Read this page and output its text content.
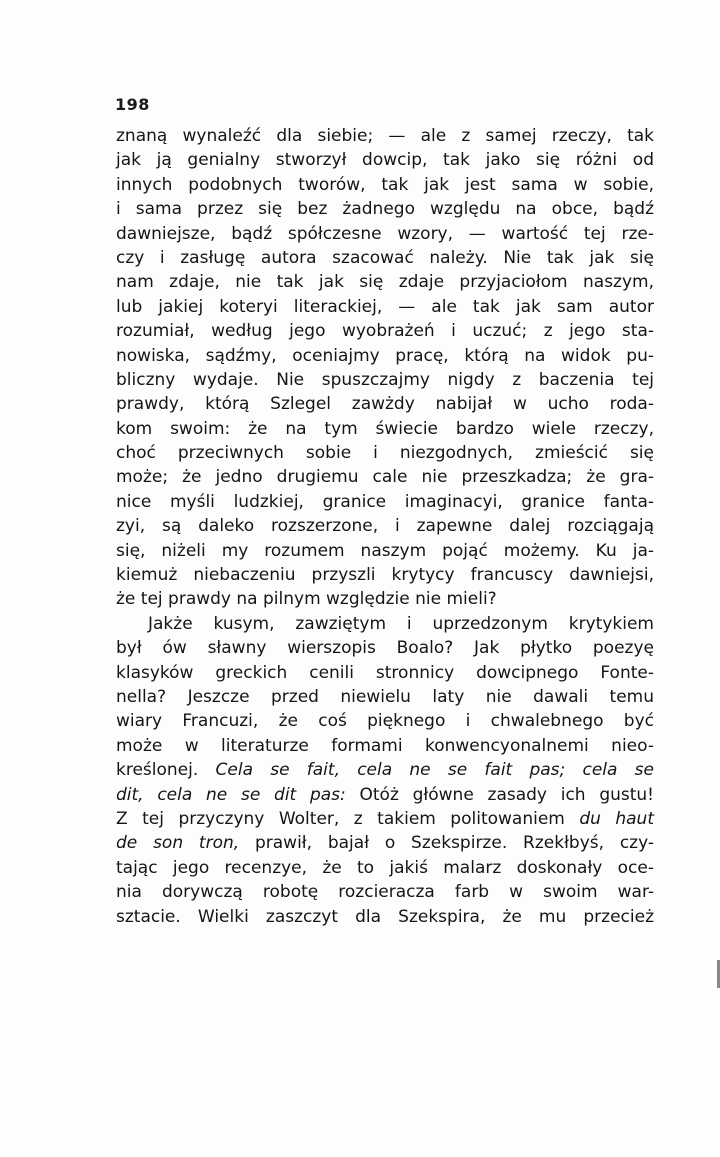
198
znaną wynaleźć dla siebie; — ale z samej rzeczy, tak
jak ją genialny stworzył dowcip, tak jako się różni od
innych podobnych tworów, tak jak jest sama w sobie,
i sama przez się bez żadnego względu na obce, bądź
dawniejsze, bądź spółczesne wzory, — wartość tej rze-
czy i zasługę autora szacować należy. Nie tak jak się
nam zdaje, nie tak jak się zdaje przyjaciołom naszym,
lub jakiej koteryi literackiej, — ale tak jak sam autor
rozumiał, według jego wyobrażeń i uczuć; z jego sta-
nowiska, sądźmy, oceniajmy pracę, którą na widok pu-
bliczny wydaje. Nie spuszczajmy nigdy z baczenia tej
prawdy, którą Szlegel zawżdy nabijał w ucho roda-
kom swoim: że na tym świecie bardzo wiele rzeczy,
choć przeciwnych sobie i niezgodnych, zmieścić się
może; że jedno drugiemu cale nie przeszkadza; że gra-
nice myśli ludzkiej, granice imaginacyi, granice fanta-
zyi, są daleko rozszerzone, i zapewne dalej rozciągają
się, niżeli my rozumem naszym pojąć możemy. Ku ja-
kiemuż niebaczeniu przyszli krytycy francuscy dawniejsi,
że tej prawdy na pilnym względzie nie mieli?
Jakże kusym, zawziętym i uprzedzonym krytykiem
był ów sławny wierszopis Boalo? Jak płytko poezyę
klasyków greckich cenili stronnicy dowcipnego Fonte-
nella? Jeszcze przed niewielu laty nie dawali temu
wiary Francuzi, że coś pięknego i chwalebnego być
może w literaturze formami konwencyonalnemi nieo-
kreślonej. Cela se fait, cela ne se fait pas; cela se
dit, cela ne se dit pas: Otóż główne zasady ich gustu!
Z tej przyczyny Wolter, z takiem politowaniem du haut
de son tron, prawił, bajał o Szekspirze. Rzekłbyś, czy-
tając jego recenzye, że to jakiś malarz doskonały oce-
nia dorywczą robotę rozcieracza farb w swoim war-
sztacie. Wielki zaszczyt dla Szekspira, że mu przecież
